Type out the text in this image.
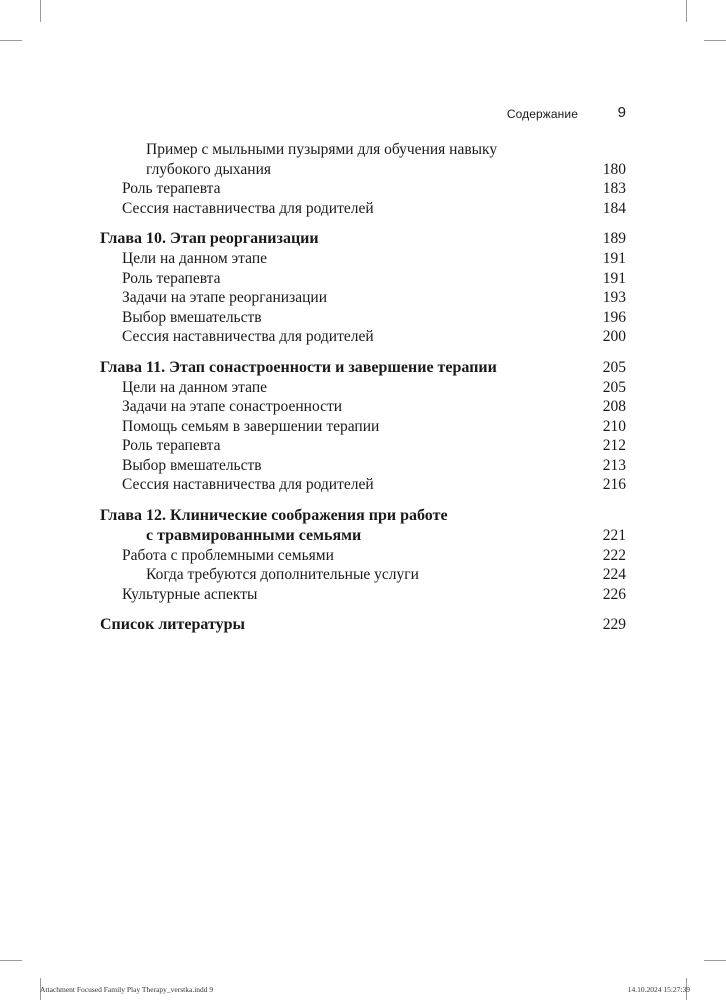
Содержание	9
Пример с мыльными пузырями для обучения навыку
глубокого дыхания	180
Роль терапевта	183
Сессия наставничества для родителей	184
Глава 10. Этап реорганизации	189
Цели на данном этапе	191
Роль терапевта	191
Задачи на этапе реорганизации	193
Выбор вмешательств	196
Сессия наставничества для родителей	200
Глава 11. Этап сонастроенности и завершение терапии	205
Цели на данном этапе	205
Задачи на этапе сонастроенности	208
Помощь семьям в завершении терапии	210
Роль терапевта	212
Выбор вмешательств	213
Сессия наставничества для родителей	216
Глава 12. Клинические соображения при работе
с травмированными семьями	221
Работа с проблемными семьями	222
Когда требуются дополнительные услуги	224
Культурные аспекты	226
Список литературы	229
Attachment Focused Family Play Therapy_verstka.indd 9	14.10.2024 15:27:39
